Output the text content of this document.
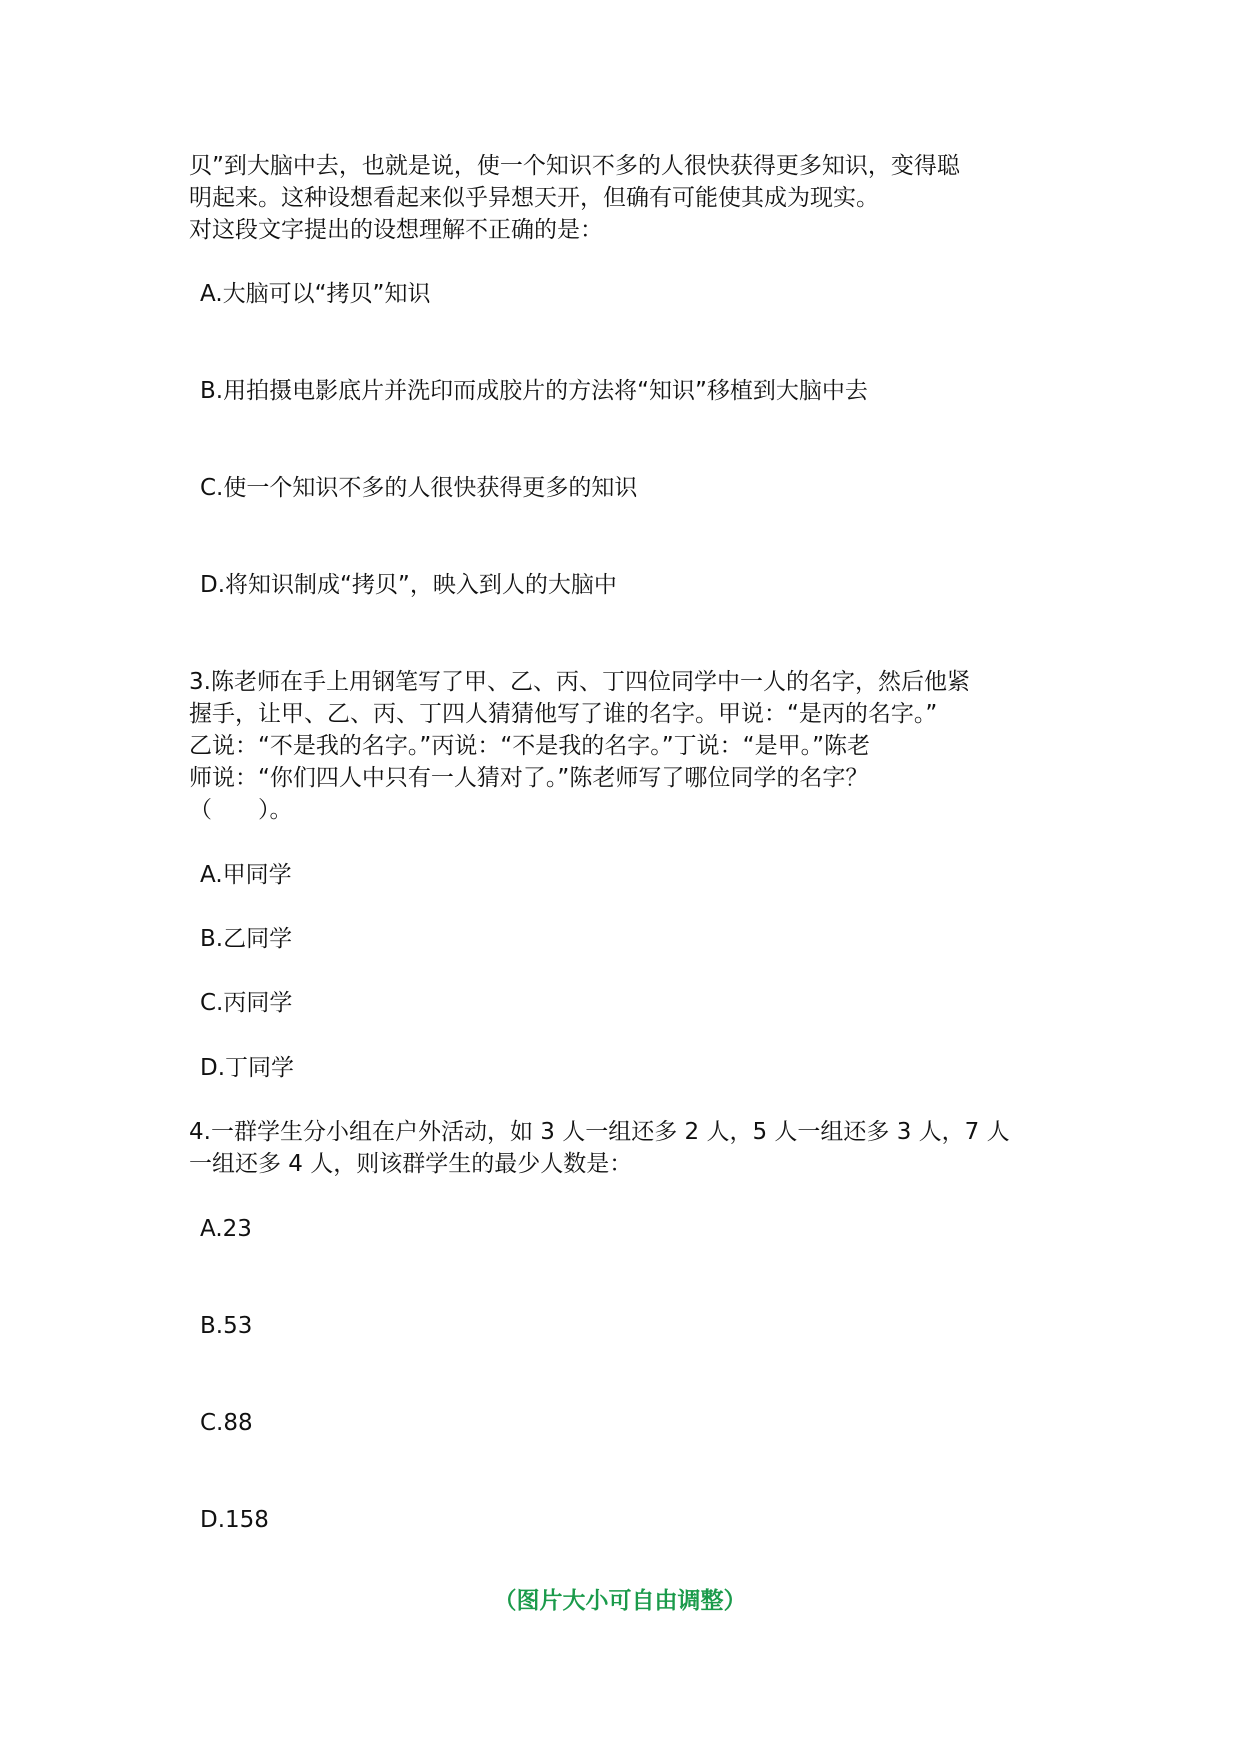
贝”到大脑中去，也就是说，使一个知识不多的人很快获得更多知识，变得聪
明起来。这种设想看起来似乎异想天开，但确有可能使其成为现实。
对这段文字提出的设想理解不正确的是：
A.大脑可以“拷贝”知识
B.用拍摄电影底片并洗印而成胶片的方法将“知识”移植到大脑中去
C.使一个知识不多的人很快获得更多的知识
D.将知识制成“拷贝”，映入到人的大脑中
3.陈老师在手上用钢笔写了甲、乙、丙、丁四位同学中一人的名字，然后他紧
握手，让甲、乙、丙、丁四人猜猜他写了谁的名字。甲说：“是丙的名字。”
乙说：“不是我的名字。”丙说：“不是我的名字。”丁说：“是甲。”陈老
师说：“你们四人中只有一人猜对了。”陈老师写了哪位同学的名字？
（　　）。
A.甲同学
B.乙同学
C.丙同学
D.丁同学
4.一群学生分小组在户外活动，如 3 人一组还多 2 人，5 人一组还多 3 人，7 人
一组还多 4 人，则该群学生的最少人数是：
A.23
B.53
C.88
D.158
（图片大小可自由调整）
